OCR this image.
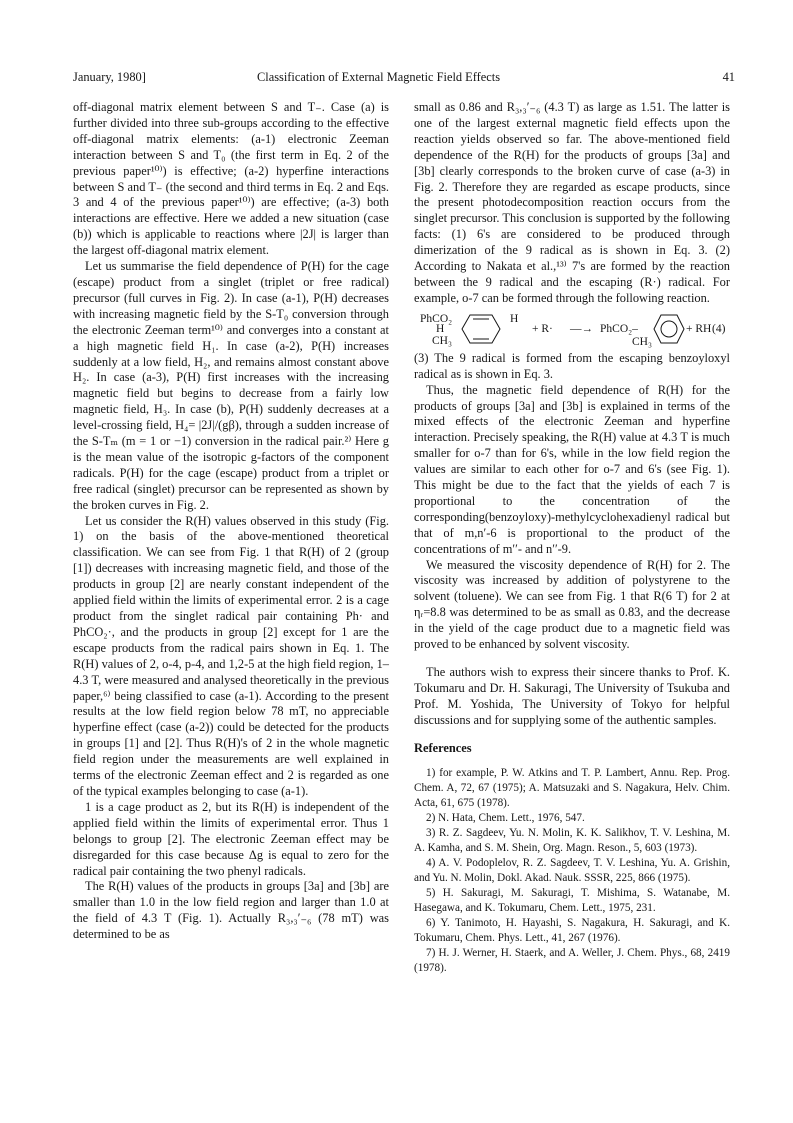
January, 1980]	Classification of External Magnetic Field Effects	41

off-diagonal matrix element between S and T₋. Case (a) is further divided into three sub-groups according to the effective off-diagonal matrix elements: (a-1) electronic Zeeman interaction between S and T₀ (the first term in Eq. 2 of the previous paper¹⁰⁾) is effective; (a-2) hyperfine interactions between S and T₋ (the second and third terms in Eq. 2 and Eqs. 3 and 4 of the previous paper¹⁰⁾) are effective; (a-3) both interactions are effective. Here we added a new situation (case (b)) which is applicable to reactions where |2J| is larger than the largest off-diagonal matrix element.

Let us summarise the field dependence of P(H) for the cage (escape) product from a singlet (triplet or free radical) precursor (full curves in Fig. 2). In case (a-1), P(H) decreases with increasing magnetic field by the S-T₀ conversion through the electronic Zeeman term¹⁰⁾ and converges into a constant at a high magnetic field H₁. In case (a-2), P(H) increases suddenly at a low field, H₂, and remains almost constant above H₂. In case (a-3), P(H) first increases with the increasing magnetic field but begins to decrease from a fairly low magnetic field, H₃. In case (b), P(H) suddenly decreases at a level-crossing field, H₄= |2J|/(gβ), through a sudden increase of the S-Tₘ (m = 1 or −1) conversion in the radical pair.²⁾ Here g is the mean value of the isotropic g-factors of the component radicals. P(H) for the cage (escape) product from a triplet or free radical (singlet) precursor can be represented as shown by the broken curves in Fig. 2.

Let us consider the R(H) values observed in this study (Fig. 1) on the basis of the above-mentioned theoretical classification. We can see from Fig. 1 that R(H) of 2 (group [1]) decreases with increasing magnetic field, and those of the products in group [2] are nearly constant independent of the applied field within the limits of experimental error. 2 is a cage product from the singlet radical pair containing Ph· and PhCO₂·, and the products in group [2] except for 1 are the escape products from the radical pairs shown in Eq. 1. The R(H) values of 2, o-4, p-4, and 1,2-5 at the high field region, 1–4.3 T, were measured and analysed theoretically in the previous paper,⁶⁾ being classified to case (a-1). According to the present results at the low field region below 78 mT, no appreciable hyperfine effect (case (a-2)) could be detected for the products in groups [1] and [2]. Thus R(H)'s of 2 in the whole magnetic field region under the measurements are well explained in terms of the electronic Zeeman effect and 2 is regarded as one of the typical examples belonging to case (a-1).

1 is a cage product as 2, but its R(H) is independent of the applied field within the limits of experimental error. Thus 1 belongs to group [2]. The electronic Zeeman effect may be disregarded for this case because Δg is equal to zero for the radical pair containing the two phenyl radicals.

The R(H) values of the products in groups [3a] and [3b] are smaller than 1.0 in the low field region and larger than 1.0 at the field of 4.3 T (Fig. 1). Actually R₃,₃′₋₆ (78 mT) was determined to be as

small as 0.86 and R₃,₃′₋₆ (4.3 T) as large as 1.51. The latter is one of the largest external magnetic field effects upon the reaction yields observed so far. The above-mentioned field dependence of the R(H) for the products of groups [3a] and [3b] clearly corresponds to the broken curve of case (a-3) in Fig. 2. Therefore they are regarded as escape products, since the present photodecomposition reaction occurs from the singlet precursor. This conclusion is supported by the following facts: (1) 6's are considered to be produced through dimerization of the 9 radical as is shown in Eq. 3. (2) According to Nakata et al.,¹³⁾ 7's are formed by the reaction between the 9 radical and the escaping (R·) radical. For example, o-7 can be formed through the following reaction.

PhCO₂
H
CH₃
H
+ R· —→ PhCO₂–
CH₃
+ RH (4)

(3) The 9 radical is formed from the escaping benzoyloxyl radical as is shown in Eq. 3.

Thus, the magnetic field dependence of R(H) for the products of groups [3a] and [3b] is explained in terms of the mixed effects of the electronic Zeeman and hyperfine interaction. Precisely speaking, the R(H) value at 4.3 T is much smaller for o-7 than for 6's, while in the low field region the values are similar to each other for o-7 and 6's (see Fig. 1). This might be due to the fact that the yields of each 7 is proportional to the concentration of the corresponding(benzoyloxy)-methylcyclohexadienyl radical but that of m,n′-6 is proportional to the product of the concentrations of m′′- and n′′-9.

We measured the viscosity dependence of R(H) for 2. The viscosity was increased by addition of polystyrene to the solvent (toluene). We can see from Fig. 1 that R(6 T) for 2 at ηᵣ=8.8 was determined to be as small as 0.83, and the decrease in the yield of the cage product due to a magnetic field was proved to be enhanced by solvent viscosity.

The authors wish to express their sincere thanks to Prof. K. Tokumaru and Dr. H. Sakuragi, The University of Tsukuba and Prof. M. Yoshida, The University of Tokyo for helpful discussions and for supplying some of the authentic samples.

References

1) for example, P. W. Atkins and T. P. Lambert, Annu. Rep. Prog. Chem. A, 72, 67 (1975); A. Matsuzaki and S. Nagakura, Helv. Chim. Acta, 61, 675 (1978).

2) N. Hata, Chem. Lett., 1976, 547.

3) R. Z. Sagdeev, Yu. N. Molin, K. K. Salikhov, T. V. Leshina, M. A. Kamha, and S. M. Shein, Org. Magn. Reson., 5, 603 (1973).

4) A. V. Podoplelov, R. Z. Sagdeev, T. V. Leshina, Yu. A. Grishin, and Yu. N. Molin, Dokl. Akad. Nauk. SSSR, 225, 866 (1975).

5) H. Sakuragi, M. Sakuragi, T. Mishima, S. Watanabe, M. Hasegawa, and K. Tokumaru, Chem. Lett., 1975, 231.

6) Y. Tanimoto, H. Hayashi, S. Nagakura, H. Sakuragi, and K. Tokumaru, Chem. Phys. Lett., 41, 267 (1976).

7) H. J. Werner, H. Staerk, and A. Weller, J. Chem. Phys., 68, 2419 (1978).
